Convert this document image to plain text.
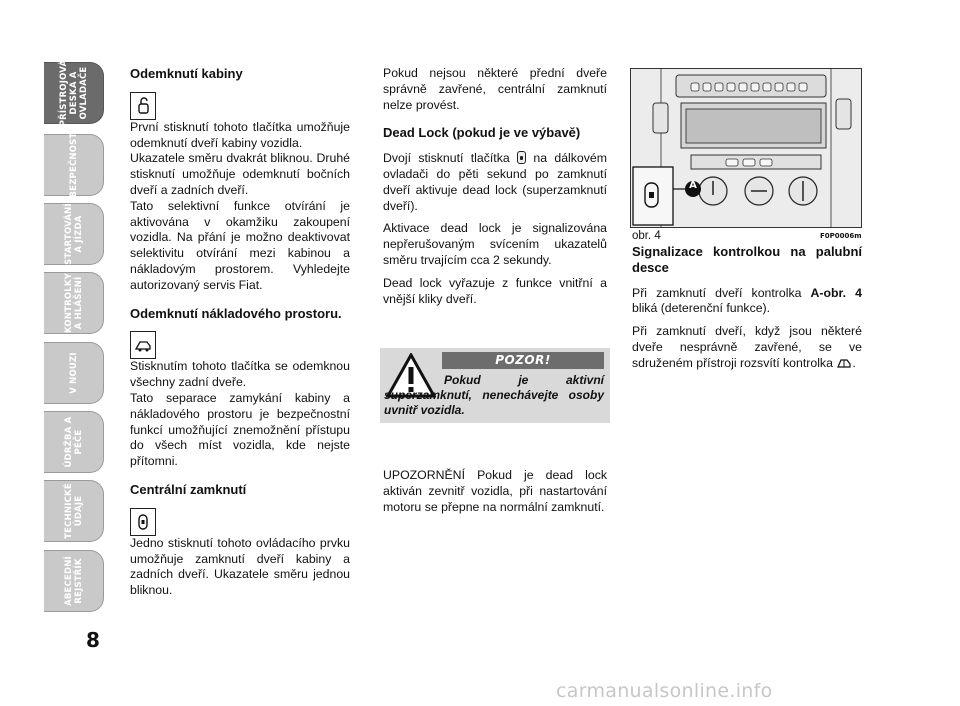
PŘÍSTROJOVÁ
DESKA A
OVLADAČE
BEZPEČNOST
STARTOVÁNÍ
A JÍZDA
KONTROLKY
A HLÁŠENÍ
V NOUZI
ÚDRŽBA A
PÉČE
TECHNICKÉ
ÚDAJE
ABECEDNÍ
REJSTŘÍK
8

Odemknutí kabiny

První stisknutí tohoto tlačítka umožňuje odemknutí dveří kabiny vozidla.

Ukazatele směru dvakrát bliknou. Druhé stisknutí umožňuje odemknutí bočních dveří a zadních dveří.

Tato selektivní funkce otvírání je aktivována v okamžiku zakoupení vozidla. Na přání je možno deaktivovat selektivitu otvírání mezi kabinou a nákladovým prostorem. Vyhledejte autorizovaný servis Fiat.

Odemknutí nákladového prostoru.

Stisknutím tohoto tlačítka se odemknou všechny zadní dveře.

Tato separace zamykání kabiny a nákladového prostoru je bezpečnostní funkcí umožňující znemožnění přístupu do všech míst vozidla, kde nejste přítomni.

Centrální zamknutí

Jedno stisknutí tohoto ovládacího prvku umožňuje zamknutí dveří kabiny a zadních dveří. Ukazatele směru jednou bliknou.

Pokud nejsou některé přední dveře správně zavřené, centrální zamknutí nelze provést.

Dead Lock (pokud je ve výbavě)

Dvojí stisknutí tlačítka na dálkovém ovladači do pěti sekund po zamknutí dveří aktivuje dead lock (superzamknutí dveří).

Aktivace dead lock je signalizována nepřerušovaným svícením ukazatelů směru trvajícím cca 2 sekundy.

Dead lock vyřazuje z funkce vnitřní a vnější kliky dveří.

POZOR!
Pokud je aktivní superzamknutí, nenechávejte osoby uvnitř vozidla.
UPOZORNĚNÍ Pokud je dead lock aktiván zevnitř vozidla, při nastartování motoru se přepne na normální zamknutí.
A
obr. 4	F0P0006m

Signalizace kontrolkou na palubní desce

Při zamknutí dveří kontrolka A-obr. 4 bliká (deterenční funkce).

Při zamknutí dveří, když jsou některé dveře nesprávně zavřené, se ve sdruženém přístroji rozsvítí kontrolka .

carmanualsonline.info
